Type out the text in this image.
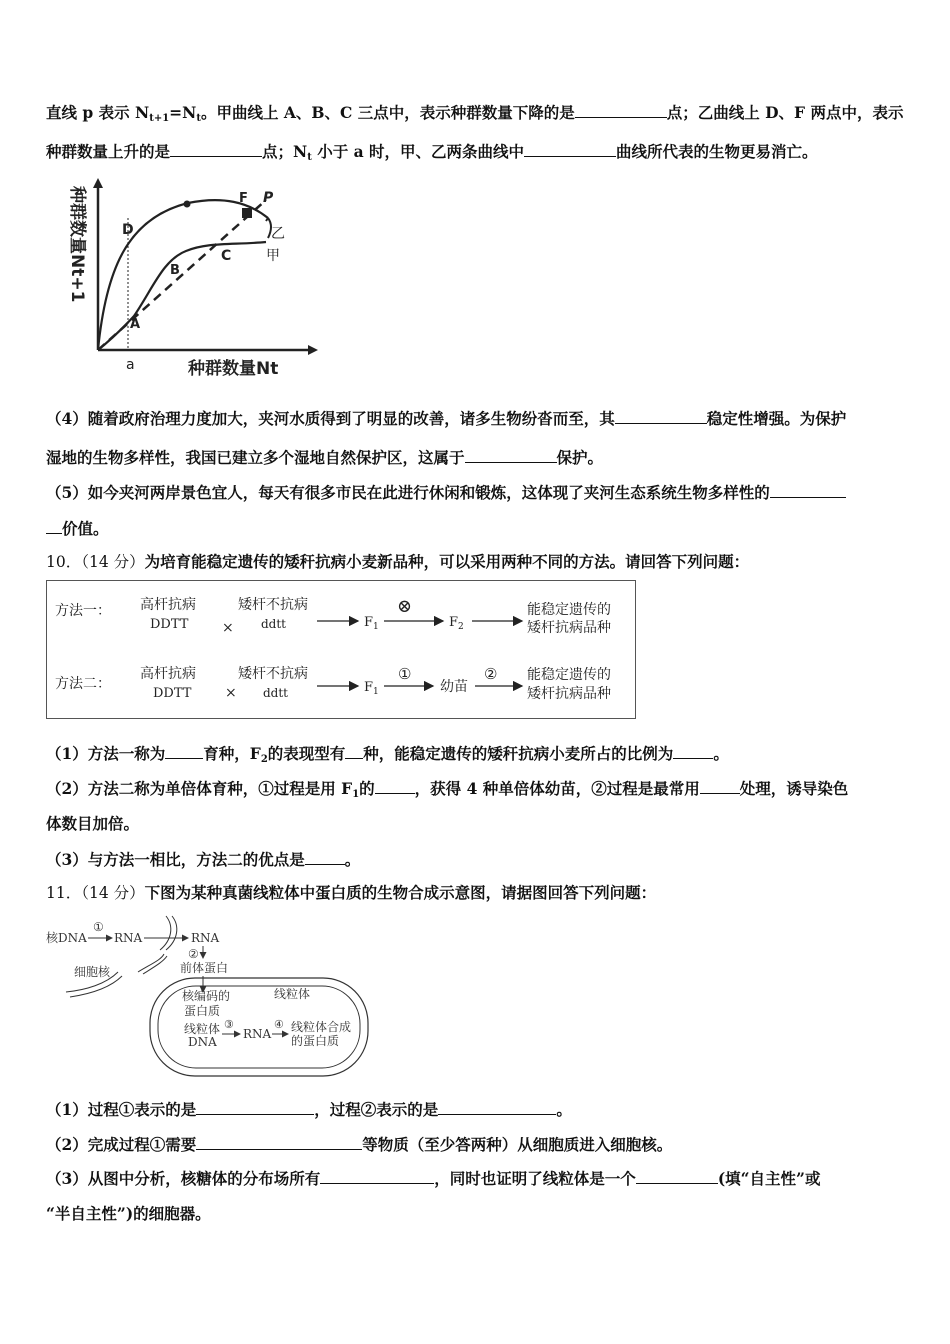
直线 p 表示 $N_{t+1}=N_t$。甲曲线上 A、B、C 三点中，表示种群数量下降的是	点；乙曲线上 D、F 两点中，表示
种群数量上升的是	点；$N_t$ 小于 a 时，甲、乙两条曲线中	曲线所代表的生物更易消亡。
种群数量Nt+1
种群数量Nt
D
A
B
C
F P
乙
甲
a
（4）随着政府治理力度加大，夹河水质得到了明显的改善，诸多生物纷沓而至，其	稳定性增强。为保护
湿地的生物多样性，我国已建立多个湿地自然保护区，这属于	保护。
（5）如今夹河两岸景色宜人，每天有很多市民在此进行休闲和锻炼，这体现了夹河生态系统生物多样性的
价值。
10．（14 分）为培育能稳定遗传的矮秆抗病小麦新品种，可以采用两种不同的方法。请回答下列问题：
方法一： 高杆抗病
DDTT ×
矮杆不抗病
ddtt	$F_1$
⊗
$F_2$
能稳定遗传的
矮杆抗病品种
方法二：
高杆抗病
DDTT ×
矮杆不抗病
ddtt	$F_1$
①
幼苗
② 能稳定遗传的
矮杆抗病品种
（1）方法一称为 育种，$F_2$的表现型有 种，能稳定遗传的矮秆抗病小麦所占的比例为	。
（2）方法二称为单倍体育种，①过程是用 $F_1$的	，获得 4 种单倍体幼苗，②过程是最常用	处理，诱导染色
体数目加倍。
（3）与方法一相比，方法二的优点是	。
11．（14 分）下图为某种真菌线粒体中蛋白质的生物合成示意图，请据图回答下列问题：
核DNA
①
RNA	RNA
②
前体蛋白
细胞核
线粒体
核编码的
蛋白质
线粒体
DNA
③
RNA
④ 线粒体合成
的蛋白质
（1）过程①表示的是	，过程②表示的是	。
（2）完成过程①需要	等物质（至少答两种）从细胞质进入细胞核。
（3）从图中分析，核糖体的分布场所有	，同时也证明了线粒体是一个	(填“自主性”或
“半自主性”)的细胞器。
